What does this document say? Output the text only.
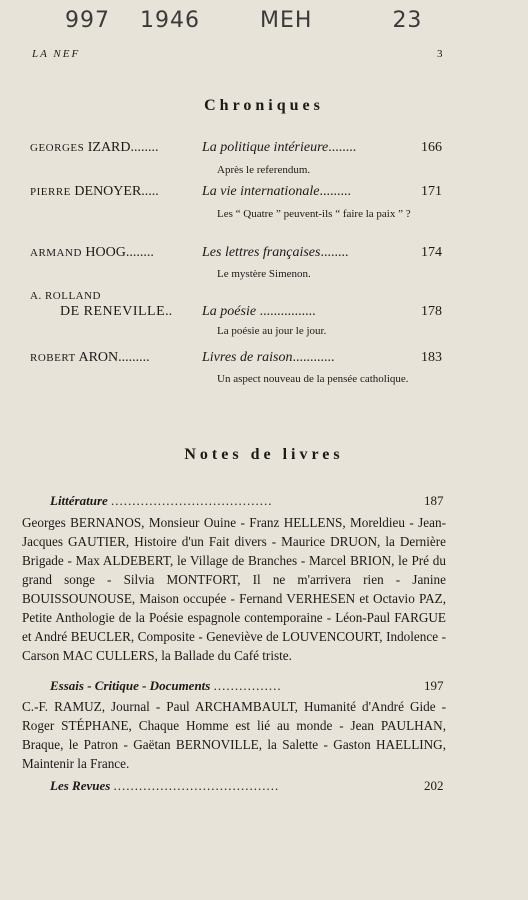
997 1946	MEH	23
LA NEF	3
Chroniques
GEORGES IZARD........	La politique intérieure........	166
Après le referendum.
PIERRE DENOYER.....	La vie internationale.........	171
Les “ Quatre ” peuvent-ils “ faire la paix ” ?
ARMAND HOOG........	Les lettres françaises........	174
Le mystère Simenon.
A. ROLLAND
DE RENEVILLE.. La poésie ................	178
La poésie au jour le jour.
ROBERT ARON.........	Livres de raison............	183
Un aspect nouveau de la pensée catholique.
Notes de livres
Littérature ......................................	187
Georges BERNANOS, Monsieur Ouine - Franz HELLENS, Moreldieu - Jean-Jacques GAUTIER, Histoire d'un Fait divers - Maurice DRUON, la Dernière Brigade - Max ALDEBERT, le Village de Branches - Marcel BRION, le Pré du grand songe - Silvia MONTFORT, Il ne m'arrivera rien - Janine BOUISSOUNOUSE, Maison occupée - Fernand VERHESEN et Octavio PAZ, Petite Anthologie de la Poésie espagnole contemporaine - Léon-Paul FARGUE et André BEUCLER, Composite - Geneviève de LOUVENCOURT, Indolence - Carson MAC CULLERS, la Ballade du Café triste.
Essais - Critique - Documents ................	197
C.-F. RAMUZ, Journal - Paul ARCHAMBAULT, Humanité d'André Gide - Roger STÉPHANE, Chaque Homme est lié au monde - Jean PAULHAN, Braque, le Patron - Gaëtan BERNOVILLE, la Salette - Gaston HAELLING, Maintenir la France.
Les Revues .......................................	202
